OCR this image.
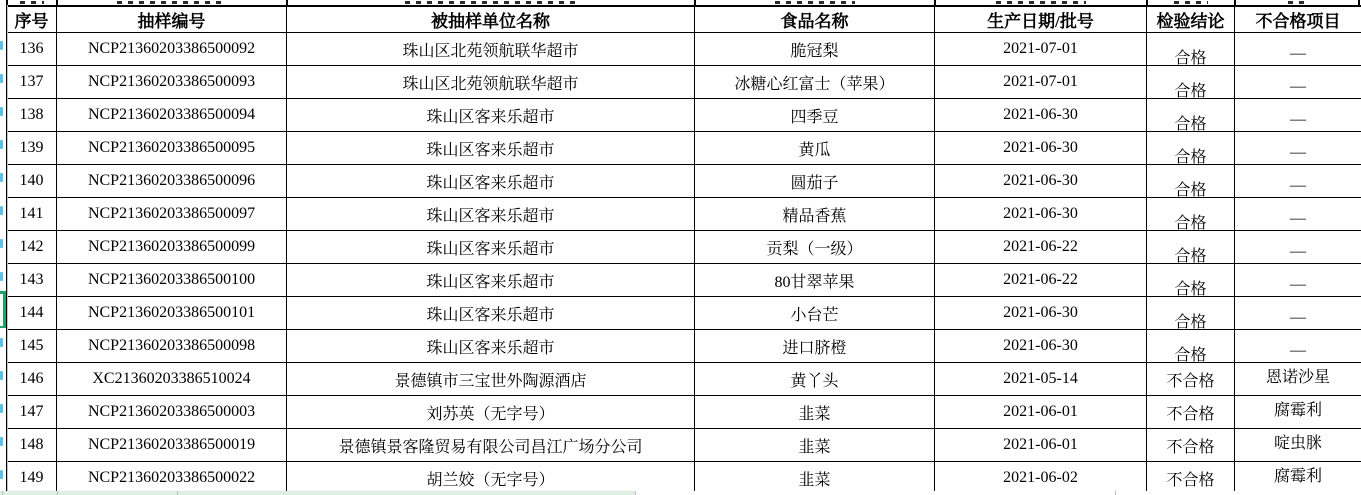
序号	抽样编号	被抽样单位名称	食品名称	生产日期/批号	检验结论	不合格项目
136	NCP21360203386500092	珠山区北苑领航联华超市	脆冠梨	2021-07-01	合格	—
137	NCP21360203386500093	珠山区北苑领航联华超市	冰糖心红富士（苹果）	2021-07-01	合格	—
138	NCP21360203386500094	珠山区客来乐超市	四季豆	2021-06-30	合格	—
139	NCP21360203386500095	珠山区客来乐超市	黄瓜	2021-06-30	合格	—
140	NCP21360203386500096	珠山区客来乐超市	圆茄子	2021-06-30	合格	—
141	NCP21360203386500097	珠山区客来乐超市	精品香蕉	2021-06-30	合格	—
142	NCP21360203386500099	珠山区客来乐超市	贡梨（一级）	2021-06-22	合格	—
143	NCP21360203386500100	珠山区客来乐超市	80甘翠苹果	2021-06-22	合格	—
144	NCP21360203386500101	珠山区客来乐超市	小台芒	2021-06-30	合格	—
145	NCP21360203386500098	珠山区客来乐超市	进口脐橙	2021-06-30	合格	—
146	XC21360203386510024	景德镇市三宝世外陶源酒店	黄丫头	2021-05-14	不合格	恩诺沙星
147	NCP21360203386500003	刘苏英（无字号）	韭菜	2021-06-01	不合格	腐霉利
148	NCP21360203386500019	景德镇景客隆贸易有限公司昌江广场分公司	韭菜	2021-06-01	不合格	啶虫脒
149	NCP21360203386500022	胡兰姣（无字号）	韭菜	2021-06-02	不合格	腐霉利
